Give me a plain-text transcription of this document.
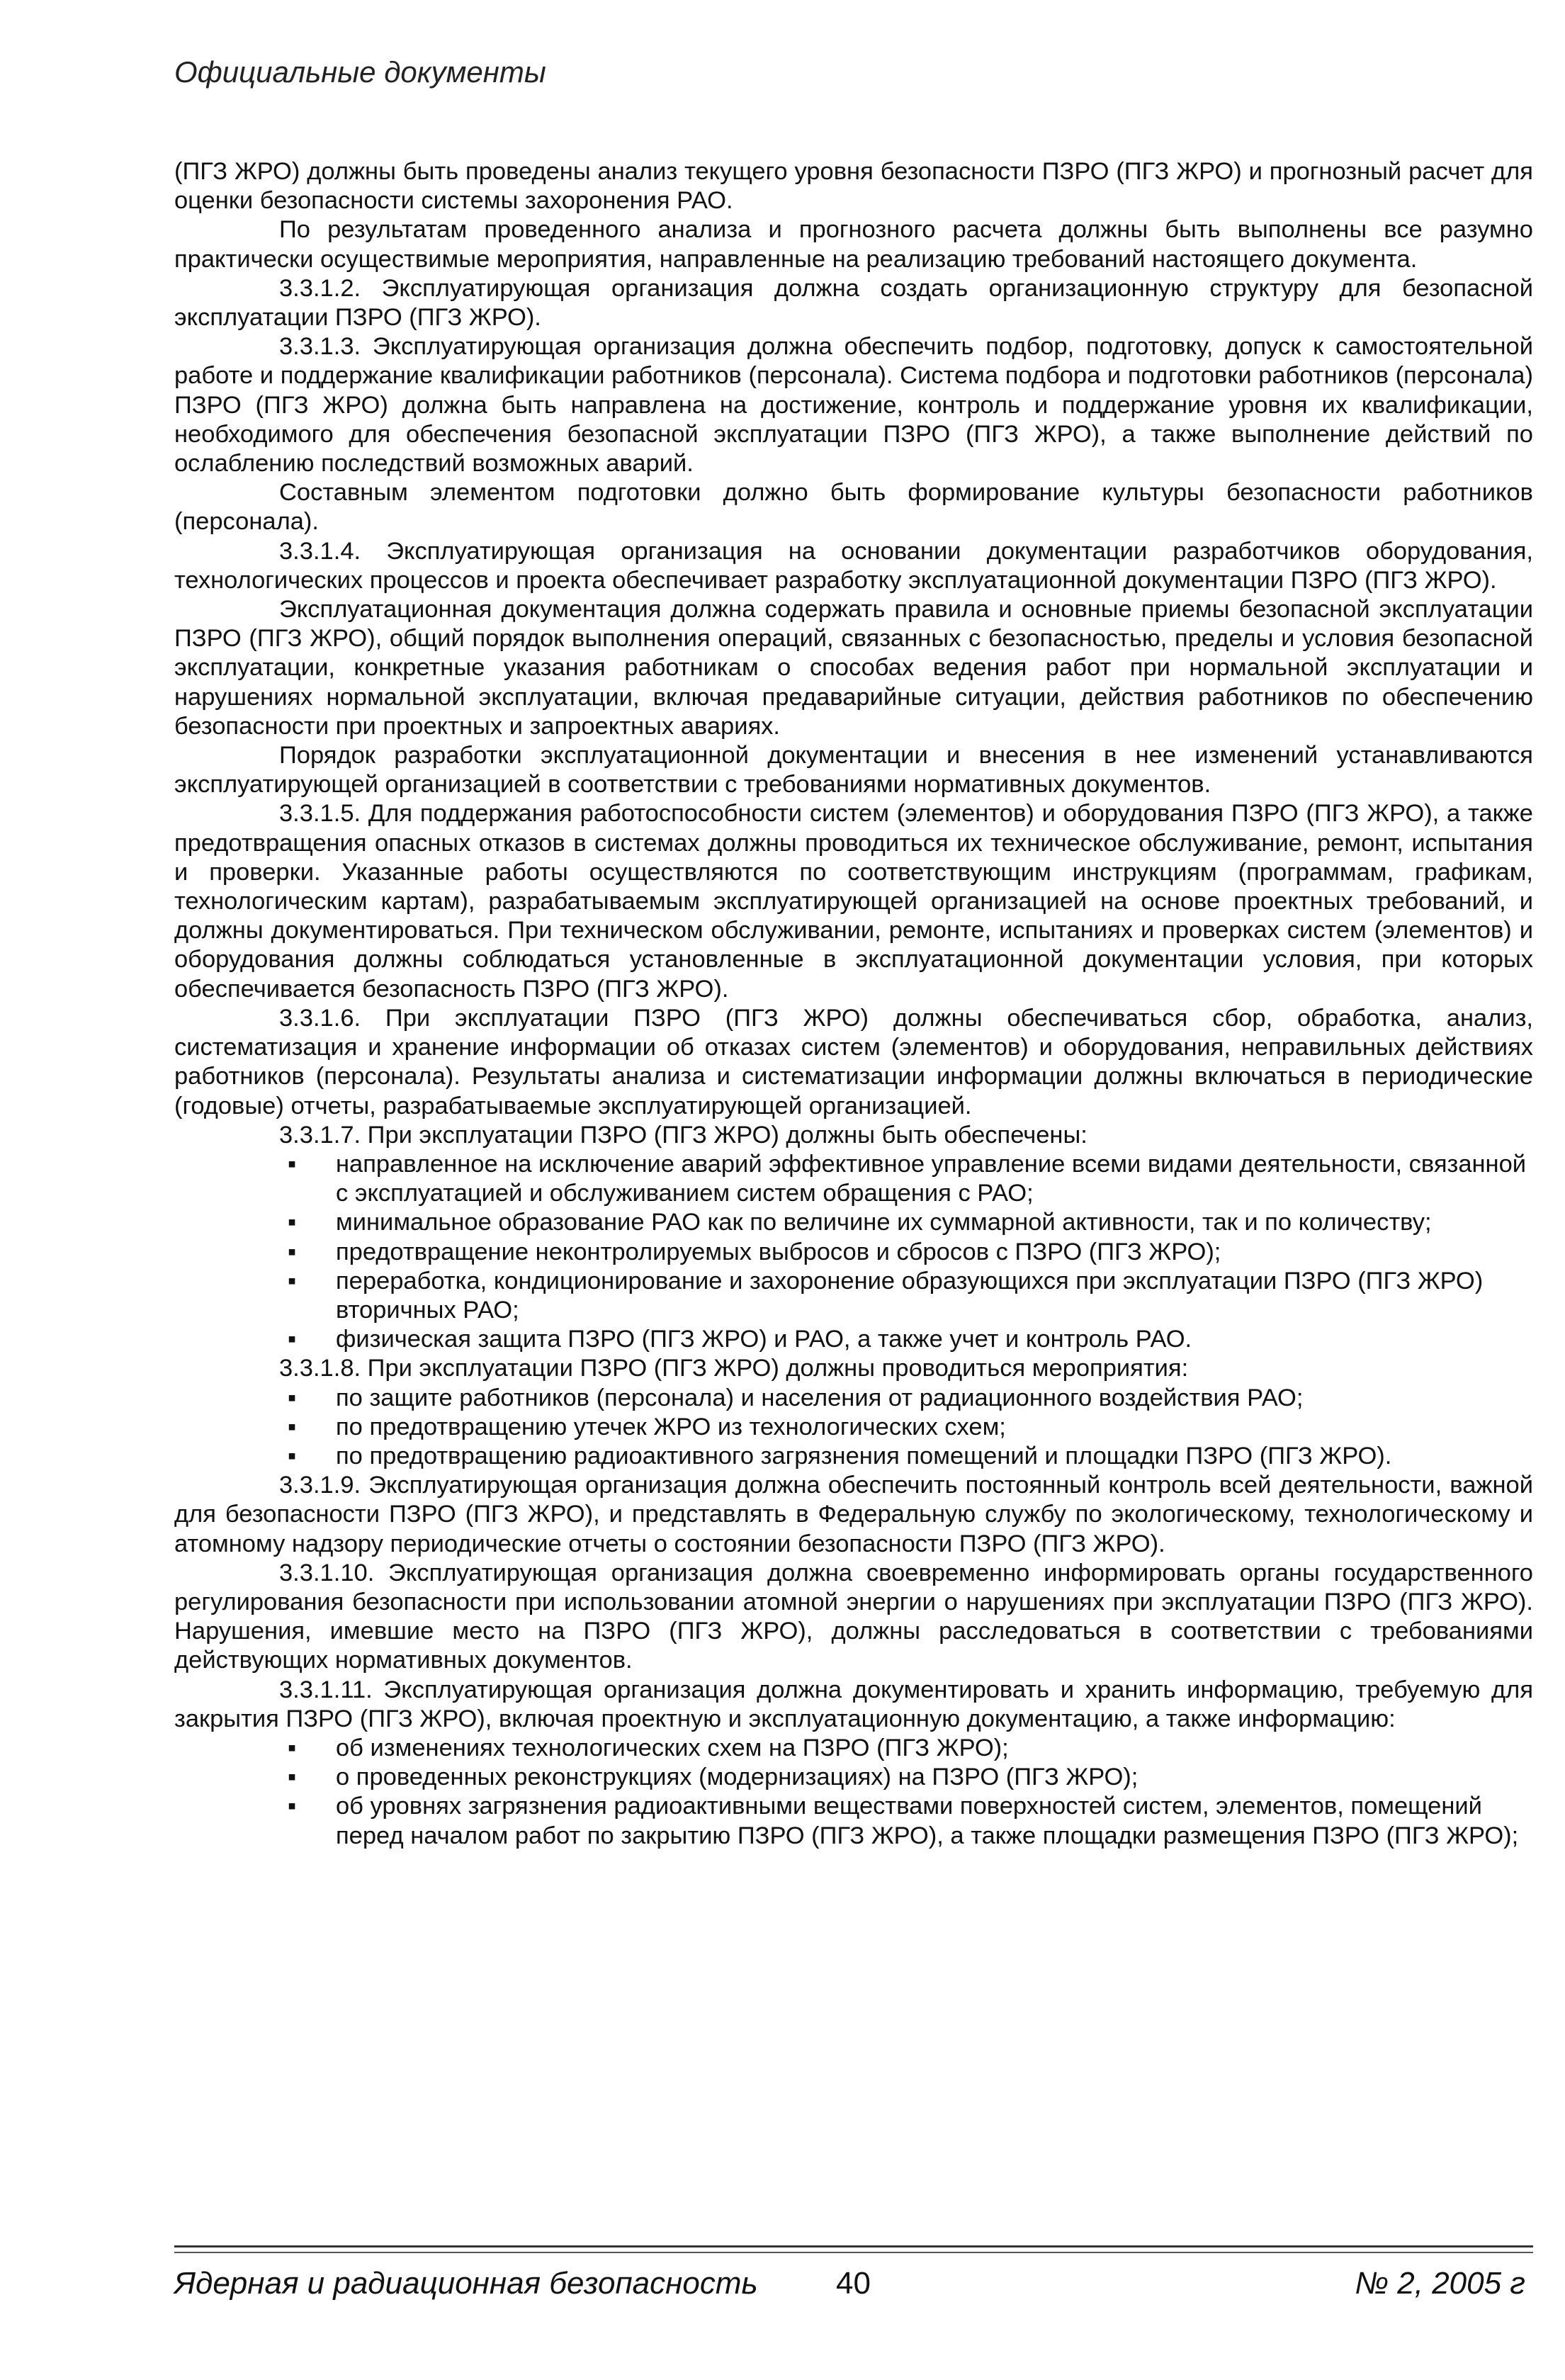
Официальные документы

(ПГЗ ЖРО) должны быть проведены анализ текущего уровня безопасности ПЗРО (ПГЗ ЖРО) и прогнозный расчет для оценки безопасности системы захоронения РАО.

По результатам проведенного анализа и прогнозного расчета должны быть выполнены все разумно практически осуществимые мероприятия, направленные на реализацию требований настоящего документа.

3.3.1.2. Эксплуатирующая организация должна создать организационную структуру для безопасной эксплуатации ПЗРО (ПГЗ ЖРО).

3.3.1.3. Эксплуатирующая организация должна обеспечить подбор, подготовку, допуск к самостоятельной работе и поддержание квалификации работников (персонала). Система подбора и подготовки работников (персонала) ПЗРО (ПГЗ ЖРО) должна быть направлена на достижение, контроль и поддержание уровня их квалификации, необходимого для обеспечения безопасной эксплуатации ПЗРО (ПГЗ ЖРО), а также выполнение действий по ослаблению последствий возможных аварий.

Составным элементом подготовки должно быть формирование культуры безопасности работников (персонала).

3.3.1.4. Эксплуатирующая организация на основании документации разработчиков оборудования, технологических процессов и проекта обеспечивает разработку эксплуатационной документации ПЗРО (ПГЗ ЖРО).

Эксплуатационная документация должна содержать правила и основные приемы безопасной эксплуатации ПЗРО (ПГЗ ЖРО), общий порядок выполнения операций, связанных с безопасностью, пределы и условия безопасной эксплуатации, конкретные указания работникам о способах ведения работ при нормальной эксплуатации и нарушениях нормальной эксплуатации, включая предаварийные ситуации, действия работников по обеспечению безопасности при проектных и запроектных авариях.

Порядок разработки эксплуатационной документации и внесения в нее изменений устанавливаются эксплуатирующей организацией в соответствии с требованиями нормативных документов.

3.3.1.5. Для поддержания работоспособности систем (элементов) и оборудования ПЗРО (ПГЗ ЖРО), а также предотвращения опасных отказов в системах должны проводиться их техническое обслуживание, ремонт, испытания и проверки. Указанные работы осуществляются по соответствующим инструкциям (программам, графикам, технологическим картам), разрабатываемым эксплуатирующей организацией на основе проектных требований, и должны документироваться. При техническом обслуживании, ремонте, испытаниях и проверках систем (элементов) и оборудования должны соблюдаться установленные в эксплуатационной документации условия, при которых обеспечивается безопасность ПЗРО (ПГЗ ЖРО).

3.3.1.6. При эксплуатации ПЗРО (ПГЗ ЖРО) должны обеспечиваться сбор, обработка, анализ, систематизация и хранение информации об отказах систем (элементов) и оборудования, неправильных действиях работников (персонала). Результаты анализа и систематизации информации должны включаться в периодические (годовые) отчеты, разрабатываемые эксплуатирующей организацией.

3.3.1.7. При эксплуатации ПЗРО (ПГЗ ЖРО) должны быть обеспечены:

▪	направленное на исключение аварий эффективное управление всеми видами деятельности, связанной с эксплуатацией и обслуживанием систем обращения с РАО;
▪	минимальное образование РАО как по величине их суммарной активности, так и по количеству;
▪	предотвращение неконтролируемых выбросов и сбросов с ПЗРО (ПГЗ ЖРО);
▪	переработка, кондиционирование и захоронение образующихся при эксплуатации ПЗРО (ПГЗ ЖРО) вторичных РАО;
▪	физическая защита ПЗРО (ПГЗ ЖРО) и РАО, а также учет и контроль РАО.

3.3.1.8. При эксплуатации ПЗРО (ПГЗ ЖРО) должны проводиться мероприятия:

▪	по защите работников (персонала) и населения от радиационного воздействия РАО;
▪	по предотвращению утечек ЖРО из технологических схем;
▪	по предотвращению радиоактивного загрязнения помещений и площадки ПЗРО (ПГЗ ЖРО).

3.3.1.9. Эксплуатирующая организация должна обеспечить постоянный контроль всей деятельности, важной для безопасности ПЗРО (ПГЗ ЖРО), и представлять в Федеральную службу по экологическому, технологическому и атомному надзору периодические отчеты о состоянии безопасности ПЗРО (ПГЗ ЖРО).

3.3.1.10. Эксплуатирующая организация должна своевременно информировать органы государственного регулирования безопасности при использовании атомной энергии о нарушениях при эксплуатации ПЗРО (ПГЗ ЖРО). Нарушения, имевшие место на ПЗРО (ПГЗ ЖРО), должны расследоваться в соответствии с требованиями действующих нормативных документов.

3.3.1.11. Эксплуатирующая организация должна документировать и хранить информацию, требуемую для закрытия ПЗРО (ПГЗ ЖРО), включая проектную и эксплуатационную документацию, а также информацию:

▪	об изменениях технологических схем на ПЗРО (ПГЗ ЖРО);
▪	о проведенных реконструкциях (модернизациях) на ПЗРО (ПГЗ ЖРО);
▪	об уровнях загрязнения радиоактивными веществами поверхностей систем, элементов, помещений перед началом работ по закрытию ПЗРО (ПГЗ ЖРО), а также площадки размещения ПЗРО (ПГЗ ЖРО);
Ядерная и радиационная безопасность	40	№ 2, 2005 г
